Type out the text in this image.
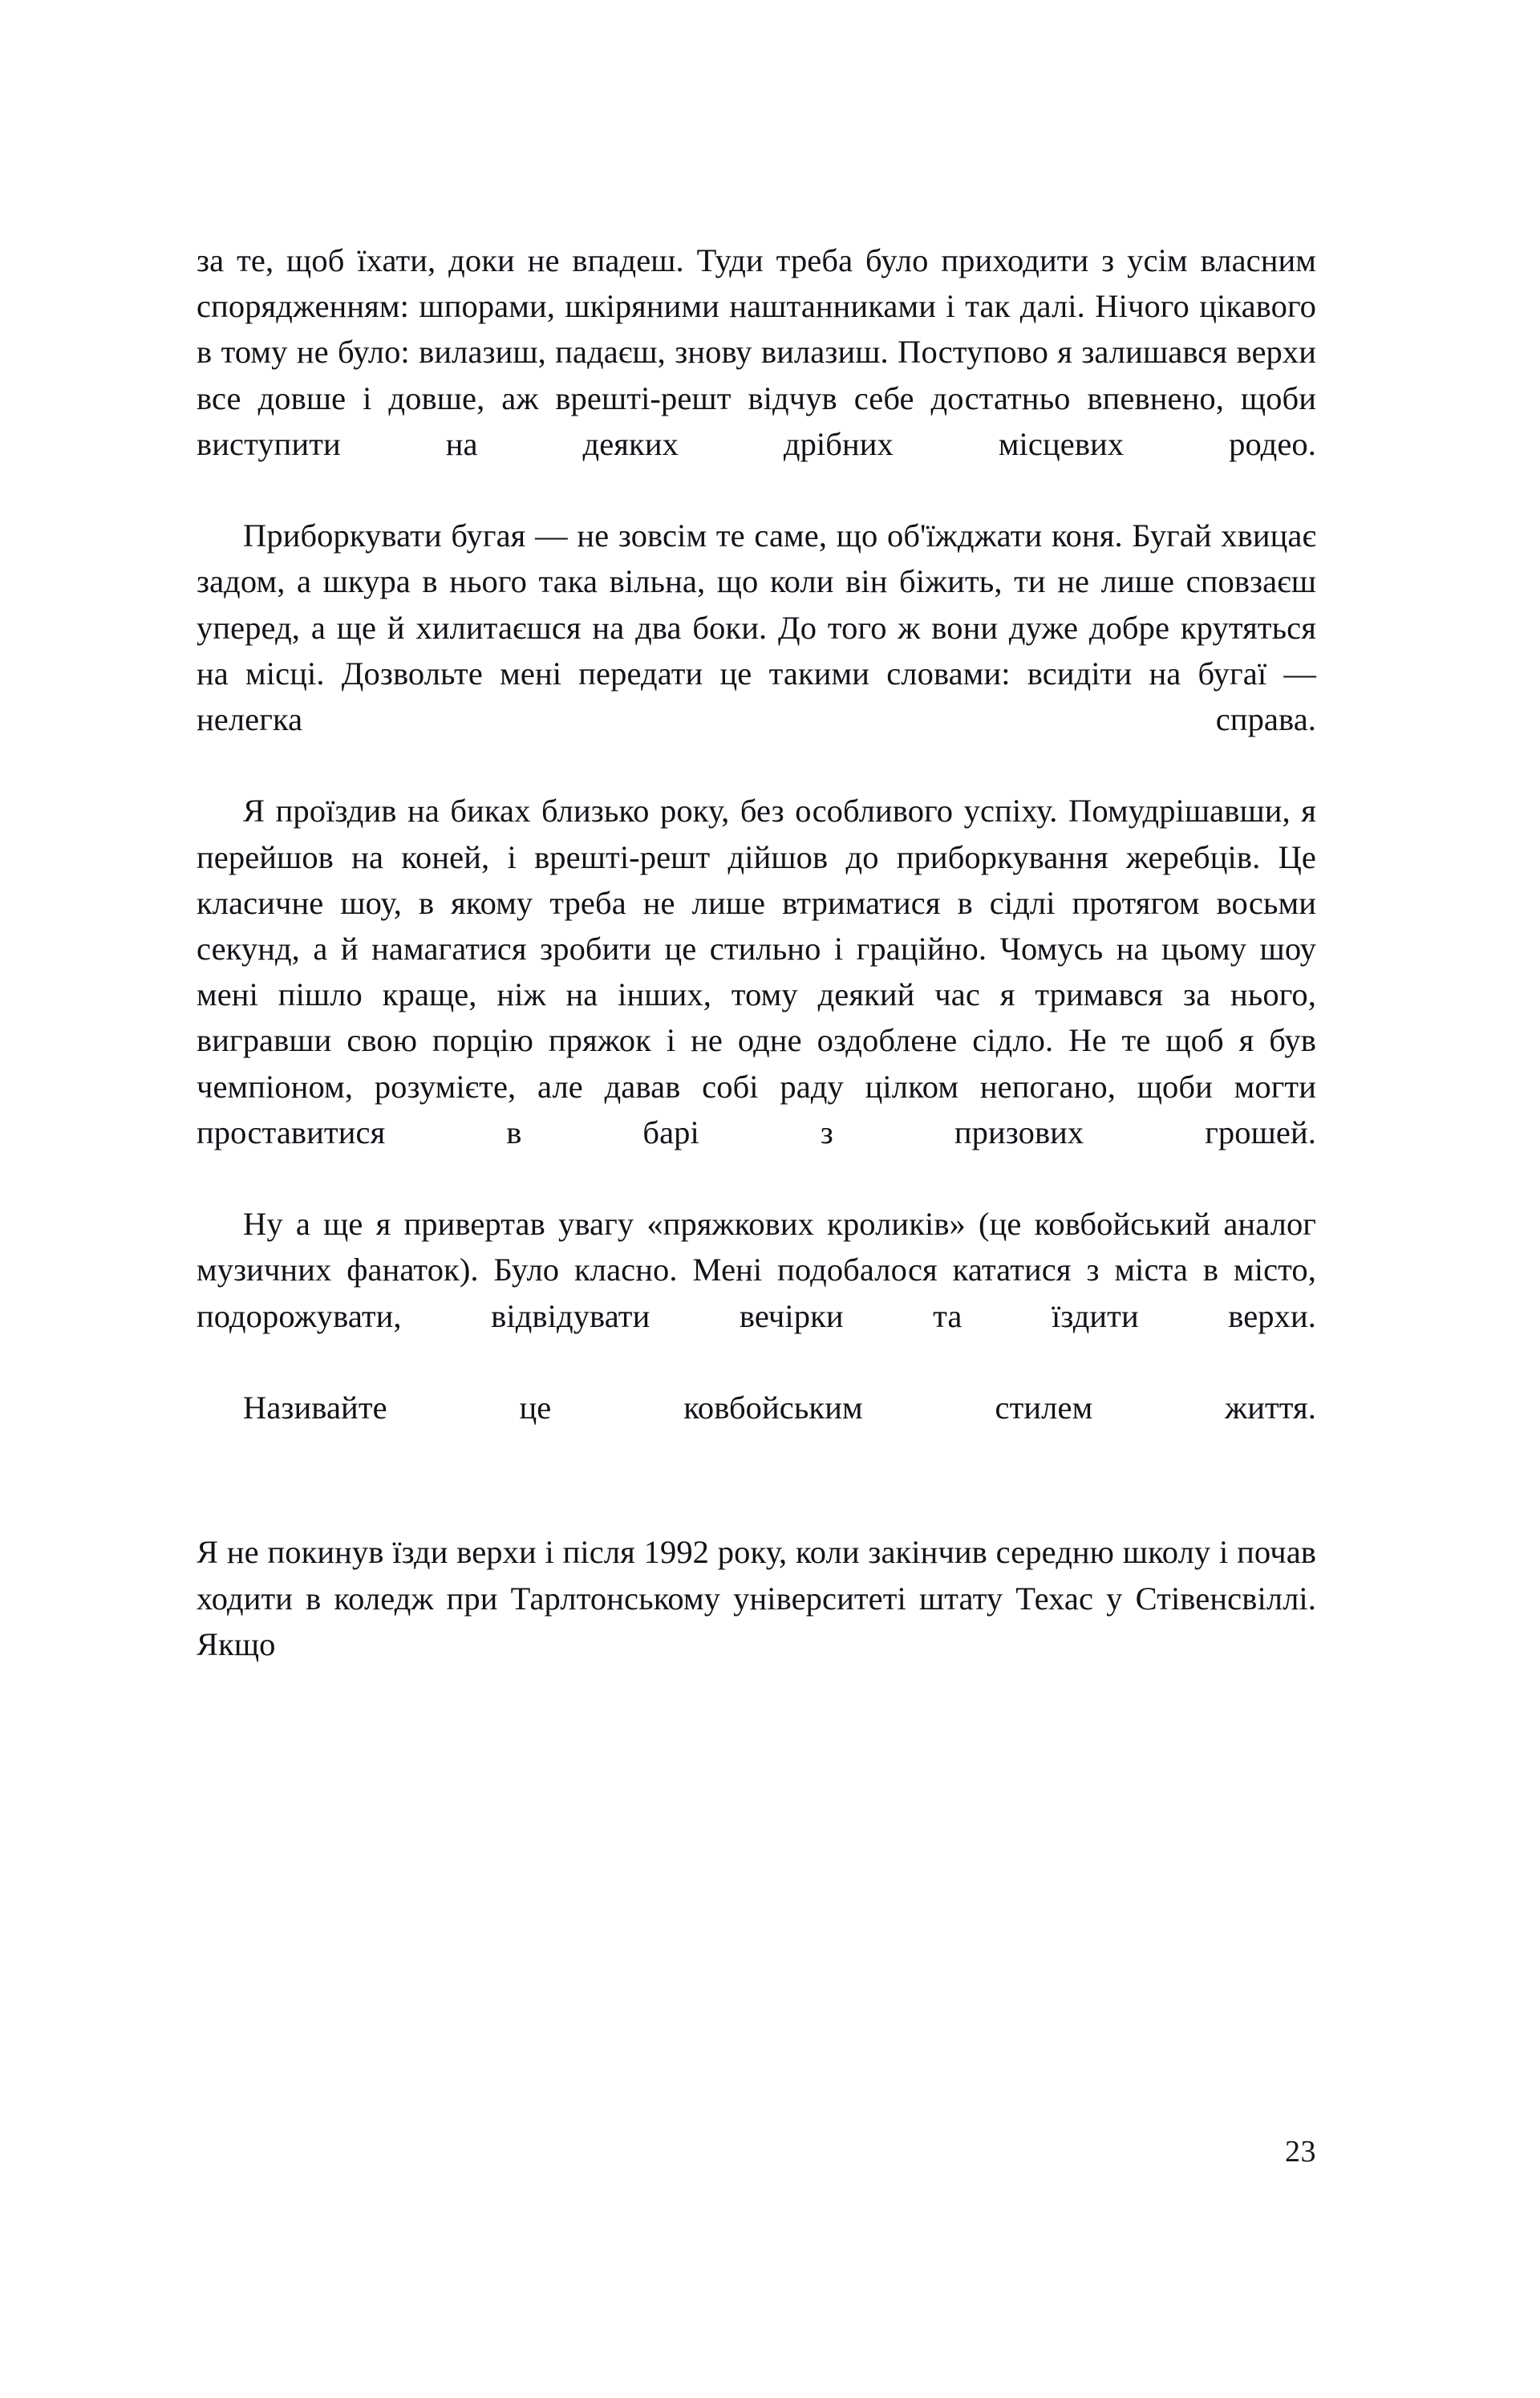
за те, щоб їхати, доки не впадеш. Туди треба було приходити з усім власним спорядженням: шпорами, шкіряними наштанниками і так далі. Нічого цікавого в тому не було: вилазиш, падаєш, знову вилазиш. Поступово я залишався верхи все довше і довше, аж врешті-решт відчув себе достатньо впевнено, щоби виступити на деяких дрібних місцевих родео.

Приборкувати бугая — не зовсім те саме, що об'їжджати коня. Бугай хвицає задом, а шкура в нього така вільна, що коли він біжить, ти не лише сповзаєш уперед, а ще й хилитаєшся на два боки. До того ж вони дуже добре крутяться на місці. Дозвольте мені передати це такими словами: всидіти на бугаї — нелегка справа.

Я проїздив на биках близько року, без особливого успіху. Помудрішавши, я перейшов на коней, і врешті-решт дійшов до приборкування жеребців. Це класичне шоу, в якому треба не лише втриматися в сідлі протягом восьми секунд, а й намагатися зробити це стильно і граційно. Чомусь на цьому шоу мені пішло краще, ніж на інших, тому деякий час я тримався за нього, вигравши свою порцію пряжок і не одне оздоблене сідло. Не те щоб я був чемпіоном, розумієте, але давав собі раду цілком непогано, щоби могти проставитися в барі з призових грошей.

Ну а ще я привертав увагу «пряжкових кроликів» (це ковбойський аналог музичних фанаток). Було класно. Мені подобалося кататися з міста в місто, подорожувати, відвідувати вечірки та їздити верхи.

Називайте це ковбойським стилем життя.

Я не покинув їзди верхи і після 1992 року, коли закінчив середню школу і почав ходити в коледж при Тарлтонському університеті штату Техас у Стівенсвіллі. Якщо

23
